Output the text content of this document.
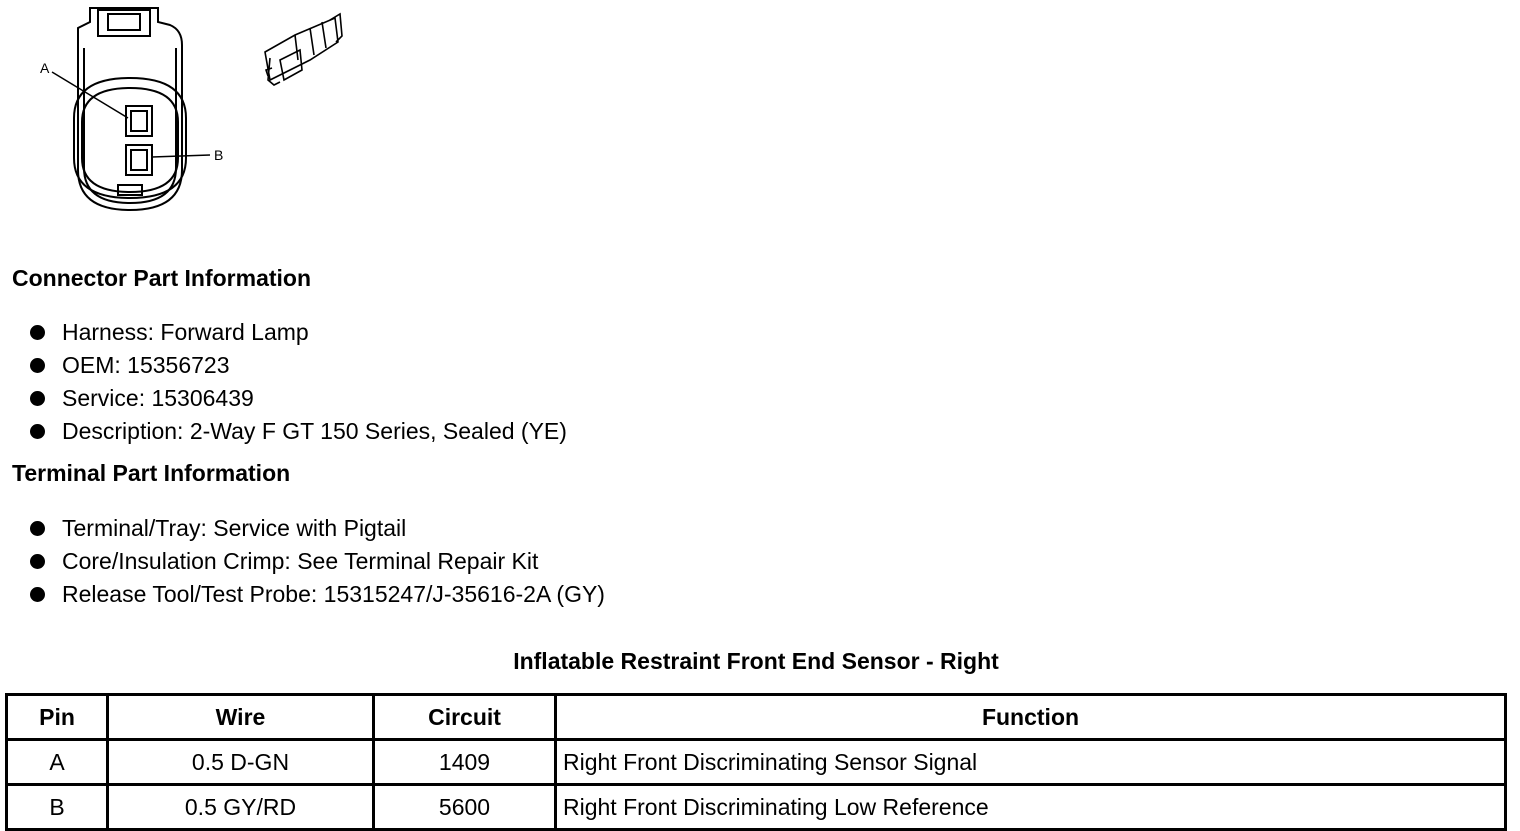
A
B
Connector Part Information
Harness: Forward Lamp
OEM: 15356723
Service: 15306439
Description: 2-Way F GT 150 Series, Sealed (YE)
Terminal Part Information
Terminal/Tray: Service with Pigtail
Core/Insulation Crimp: See Terminal Repair Kit
Release Tool/Test Probe: 15315247/J-35616-2A (GY)
Inflatable Restraint Front End Sensor - Right
Pin	Wire	Circuit	Function
A	0.5 D-GN	1409	Right Front Discriminating Sensor Signal
B	0.5 GY/RD	5600	Right Front Discriminating Low Reference
